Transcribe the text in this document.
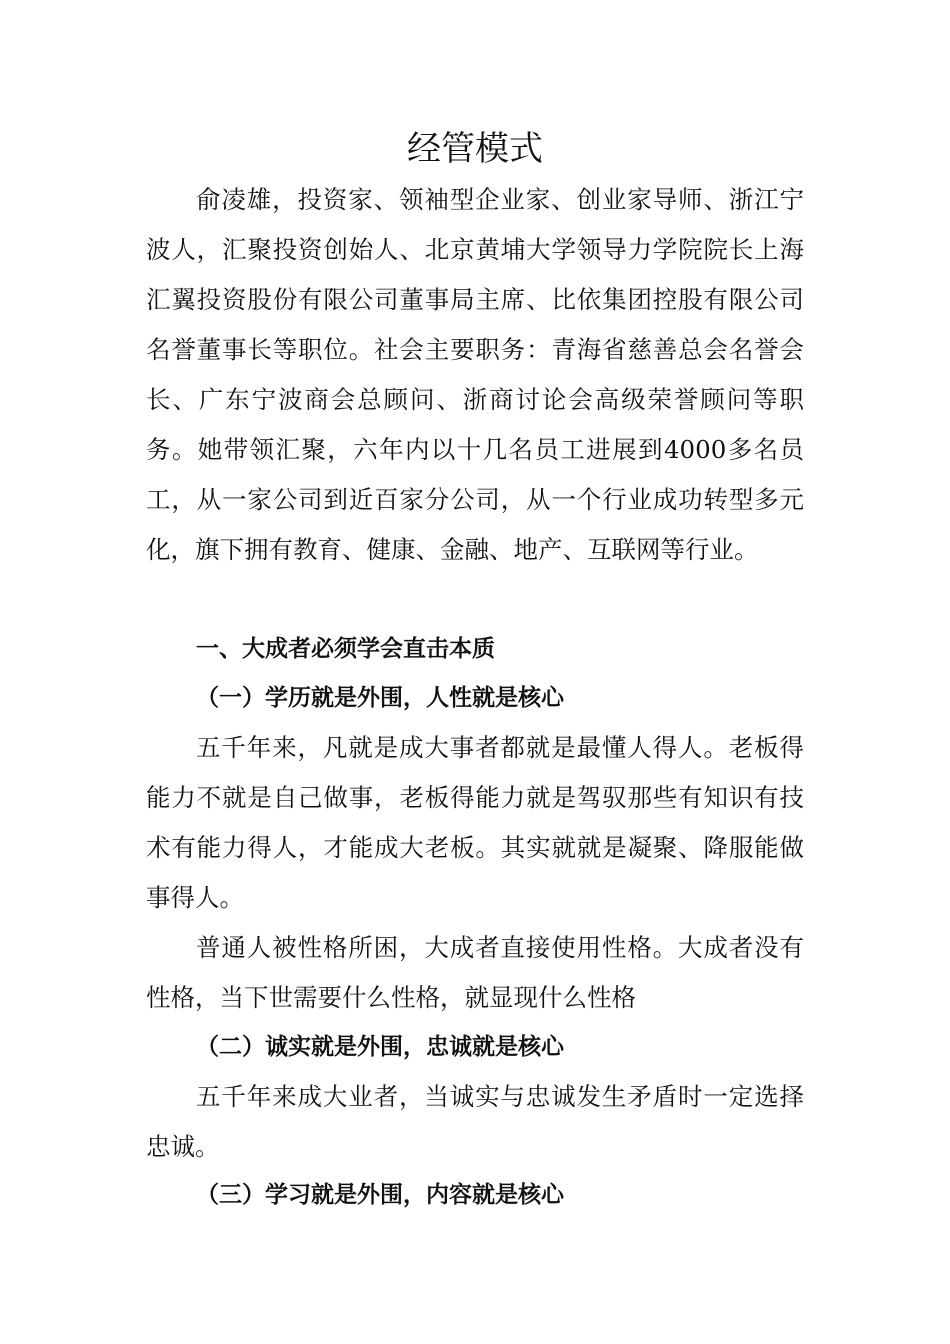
经管模式

俞凌雄，投资家、领袖型企业家、创业家导师、浙江宁波人，汇聚投资创始人、北京黄埔大学领导力学院院长上海汇翼投资股份有限公司董事局主席、比依集团控股有限公司名誉董事长等职位。社会主要职务：青海省慈善总会名誉会长、广东宁波商会总顾问、浙商讨论会高级荣誉顾问等职务。她带领汇聚，六年内以十几名员工进展到4000多名员工，从一家公司到近百家分公司，从一个行业成功转型多元化，旗下拥有教育、健康、金融、地产、互联网等行业。

一、大成者必须学会直击本质
（一）学历就是外围，人性就是核心

五千年来，凡就是成大事者都就是最懂人得人。老板得能力不就是自己做事，老板得能力就是驾驭那些有知识有技术有能力得人，才能成大老板。其实就就是凝聚、降服能做事得人。

普通人被性格所困，大成者直接使用性格。大成者没有性格，当下世需要什么性格，就显现什么性格

（二）诚实就是外围，忠诚就是核心

五千年来成大业者，当诚实与忠诚发生矛盾时一定选择忠诚。

（三）学习就是外围，内容就是核心
